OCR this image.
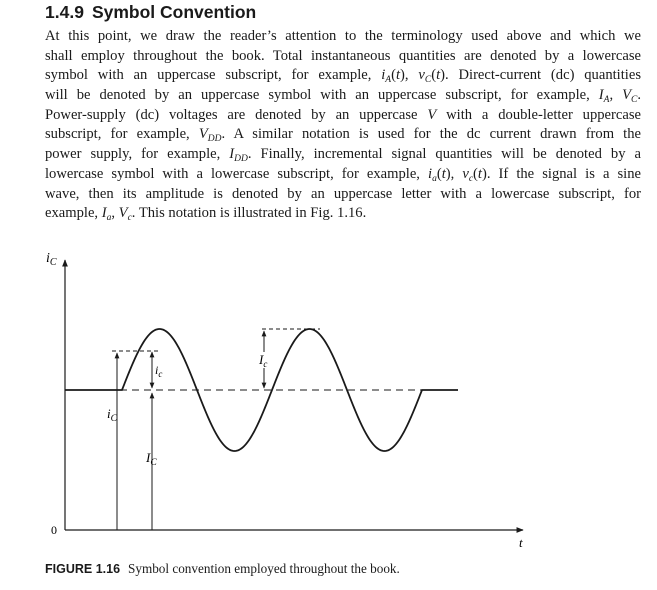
1.4.9 Symbol Convention
At this point, we draw the reader’s attention to the terminology used above and which we
shall employ throughout the book. Total instantaneous quantities are denoted by a lowercase
symbol with an uppercase subscript, for example, $i_A(t)$, $v_C(t)$. Direct-current (dc) quantities
will be denoted by an uppercase symbol with an uppercase subscript, for example, $I_A$, $V_C$.
Power-supply (dc) voltages are denoted by an uppercase V with a double-letter uppercase
subscript, for example, $V_{DD}$. A similar notation is used for the dc current drawn from the
power supply, for example, $I_{DD}$. Finally, incremental signal quantities will be denoted by a
lowercase symbol with a lowercase subscript, for example, $i_a(t)$, $v_c(t)$. If the signal is a sine
wave, then its amplitude is denoted by an uppercase letter with a lowercase subscript, for
example, $I_a$, $V_c$. This notation is illustrated in Fig. 1.16.
$i_C$
0
t
$i_C$
$I_C$
$i_c$
$I_c$
FIGURE 1.16 Symbol convention employed throughout the book.
